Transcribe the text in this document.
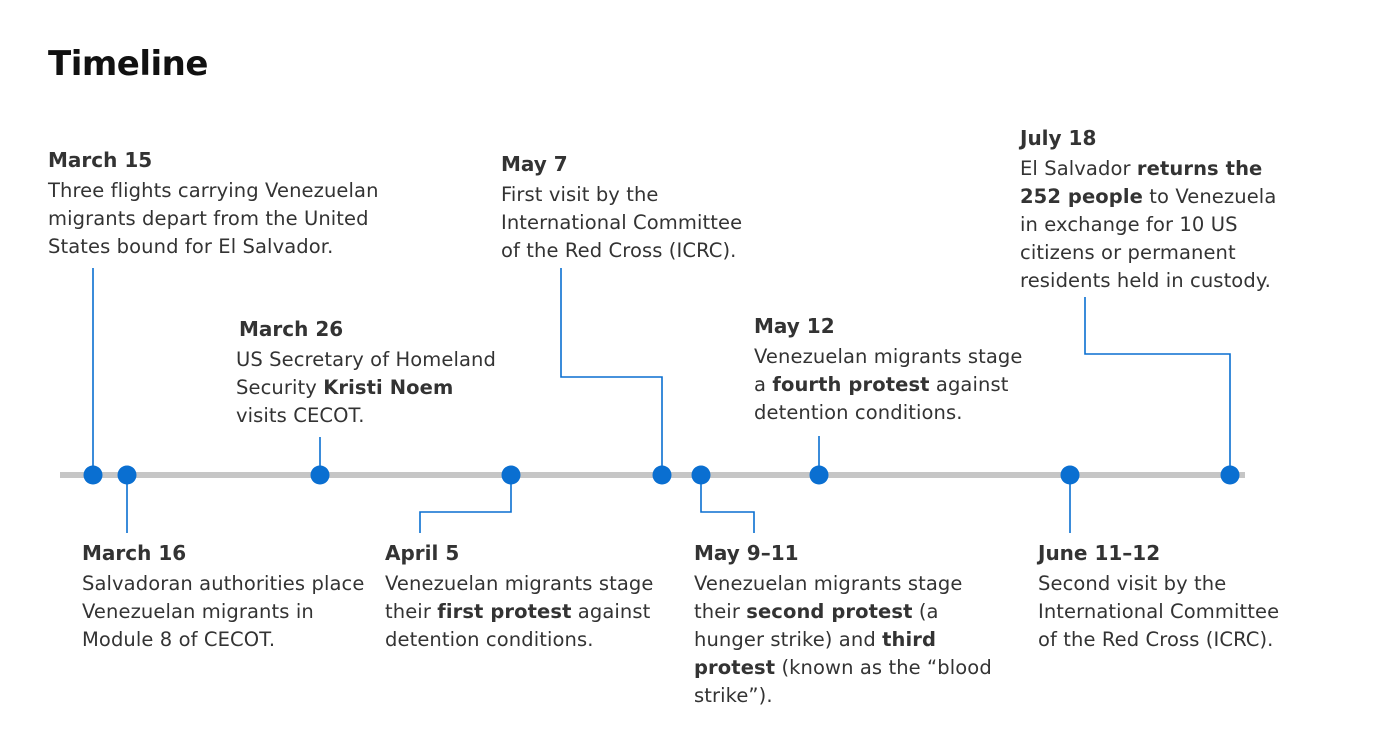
Timeline
March 15
Three flights carrying Venezuelan migrants depart from the United States bound for El Salvador.
March 16
Salvadoran authorities place Venezuelan migrants in Module 8 of CECOT.
March 26
US Secretary of Homeland Security Kristi Noem visits CECOT.
April 5
Venezuelan migrants stage their first protest against detention conditions.
May 7
First visit by the International Committee of the Red Cross (ICRC).
May 9–11
Venezuelan migrants stage their second protest (a hunger strike) and third protest (known as the “blood strike”).
May 12
Venezuelan migrants stage a fourth protest against detention conditions.
June 11–12
Second visit by the International Committee of the Red Cross (ICRC).
July 18
El Salvador returns the 252 people to Venezuela in exchange for 10 US citizens or permanent residents held in custody.
